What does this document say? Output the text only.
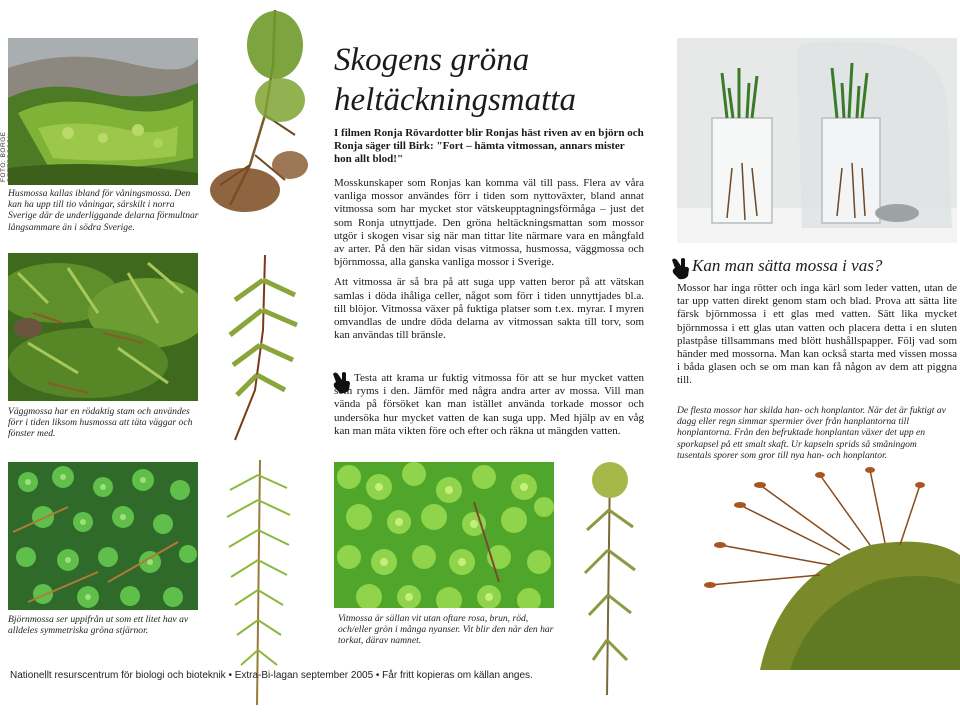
FOTO: BÖRGE
Husmossa kallas ibland för våningsmossa. Den kan ha upp till tio våningar, särskilt i norra Sverige där de underliggande delarna förmultnar långsammare än i södra Sverige.
Väggmossa har en rödaktig stam och användes förr i tiden liksom husmossa att täta väggar och fönster med.
Björnmossa ser uppifrån ut som ett litet hav av alldeles symmetriska gröna stjärnor.
Skogens gröna heltäckningsmatta
I filmen Ronja Rövardotter blir Ronjas häst riven av en björn och Ronja säger till Birk: "Fort – hämta vitmossan, annars mister hon allt blod!"

Mosskunskaper som Ronjas kan komma väl till pass. Flera av våra vanliga mossor användes förr i tiden som nyttoväxter, bland annat vitmossa som har mycket stor vätskeupptagningsförmåga – just det som Ronja utnyttjade. Den gröna heltäckningsmattan som mossor utgör i skogen visar sig när man tittar lite närmare vara en mångfald av arter. På den här sidan visas vitmossa, husmossa, väggmossa och björnmossa, alla ganska vanliga mossor i Sverige.

Att vitmossa är så bra på att suga upp vatten beror på att vätskan samlas i döda ihåliga celler, något som förr i tiden unnyttjades bl.a. till blöjor. Vitmossa växer på fuktiga platser som t.ex. myrar. I myren omvandlas de undre döda delarna av vitmossan sakta till torv, som kan användas till bränsle.

Testa att krama ur fuktig vitmossa för att se hur mycket vatten som ryms i den. Jämför med några andra arter av mossa. Vill man vända på försöket kan man istället använda torkade mossor och undersöka hur mycket vatten de kan suga upp. Med hjälp av en våg kan man mäta vikten före och efter och räkna ut mängden vatten.
Vitmossa är sällan vit utan oftare rosa, brun, röd, och/eller grön i många nyanser. Vit blir den när den har torkat, därav namnet.
Kan man sätta mossa i vas?
Mossor har inga rötter och inga kärl som leder vatten, utan de tar upp vatten direkt genom stam och blad. Prova att sätta lite färsk björnmossa i ett glas med vatten. Sätt lika mycket björnmossa i ett glas utan vatten och placera detta i en sluten plastpåse tillsammans med blött hushållspapper. Följ vad som händer med mossorna. Man kan också starta med vissen mossa i båda glasen och se om man kan få någon av dem att piggna till.
De flesta mossor har skilda han- och honplantor. När det är fuktigt av dagg eller regn simmar spermier över från hanplantorna till honplantorna. Från den befruktade honplantan växer det upp en sporkapsel på ett smalt skaft. Ur kapseln sprids så småningom tusentals sporer som gror till nya han- och honplantor.
Nationellt resurscentrum för biologi och bioteknik • Extra-Bi-lagan september 2005 • Får fritt kopieras om källan anges.
